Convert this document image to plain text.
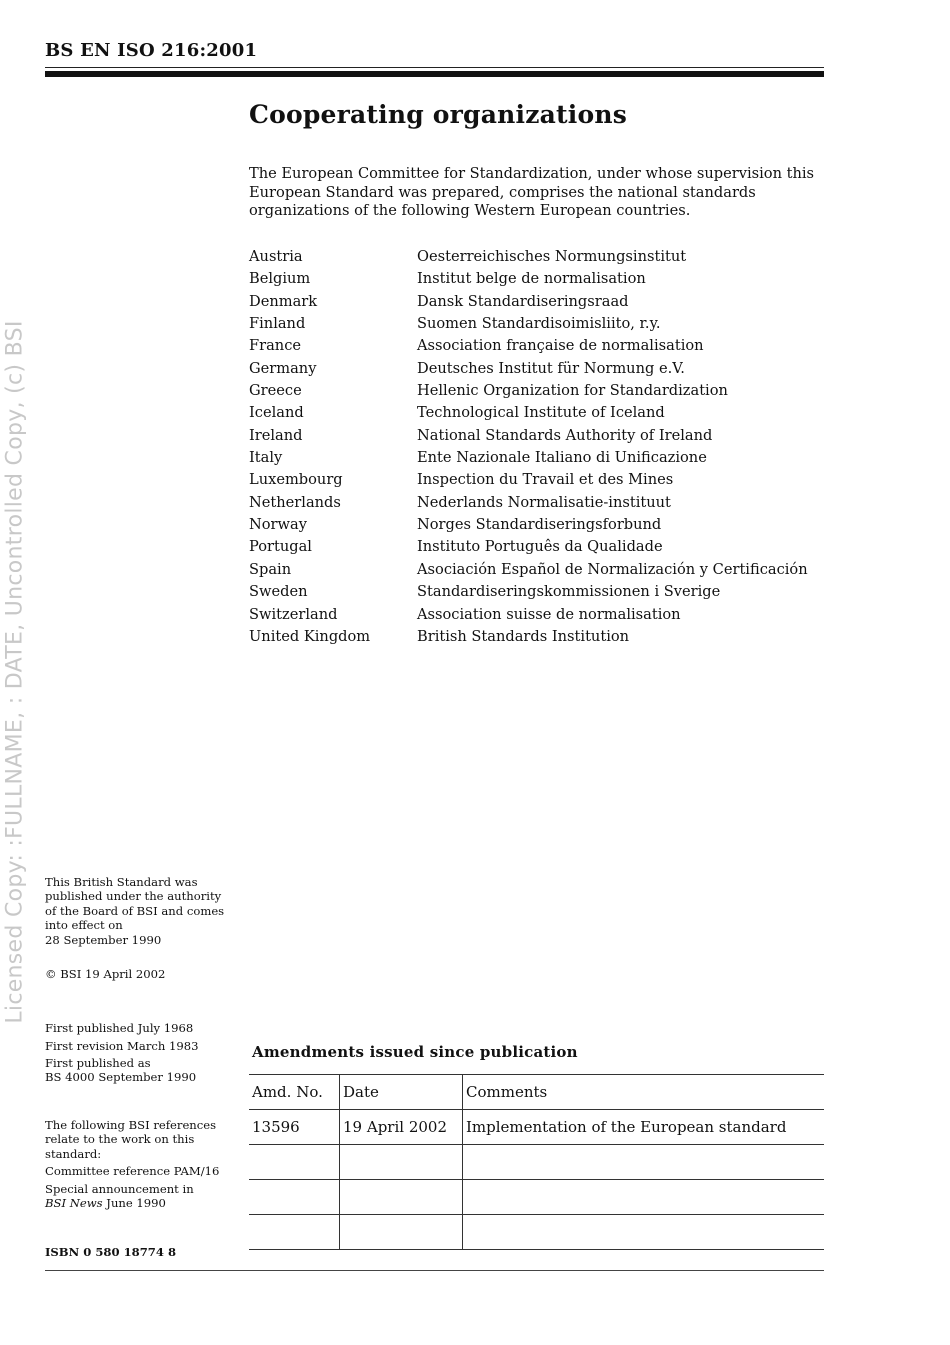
BS EN ISO 216:2001
Licensed Copy: :FULLNAME, : DATE, Uncontrolled Copy, (c) BSI
Cooperating organizations

The European Committee for Standardization, under whose supervision this European Standard was prepared, comprises the national standards organizations of the following Western European countries.

Austria	Oesterreichisches Normungsinstitut
Belgium	Institut belge de normalisation
Denmark	Dansk Standardiseringsraad
Finland	Suomen Standardisoimisliito, r.y.
France	Association française de normalisation
Germany	Deutsches Institut für Normung e.V.
Greece	Hellenic Organization for Standardization
Iceland	Technological Institute of Iceland
Ireland	National Standards Authority of Ireland
Italy	Ente Nazionale Italiano di Unificazione
Luxembourg	Inspection du Travail et des Mines
Netherlands	Nederlands Normalisatie-instituut
Norway	Norges Standardiseringsforbund
Portugal	Instituto Português da Qualidade
Spain	Asociación Español de Normalización y Certificación
Sweden	Standardiseringskommissionen i Sverige
Switzerland	Association suisse de normalisation
United Kingdom	British Standards Institution

This British Standard was

published under the authority

of the Board of BSI and comes

into effect on

28 September 1990

© BSI 19 April 2002

First published July 1968

First revision March 1983

First published as

BS 4000 September 1990

The following BSI references

relate to the work on this

standard:

Committee reference PAM/16

Special announcement in

BSI News June 1990

ISBN 0 580 18774 8
Amendments issued since publication
Amd. No.	Date	Comments
13596	19 April 2002	Implementation of the European standard
